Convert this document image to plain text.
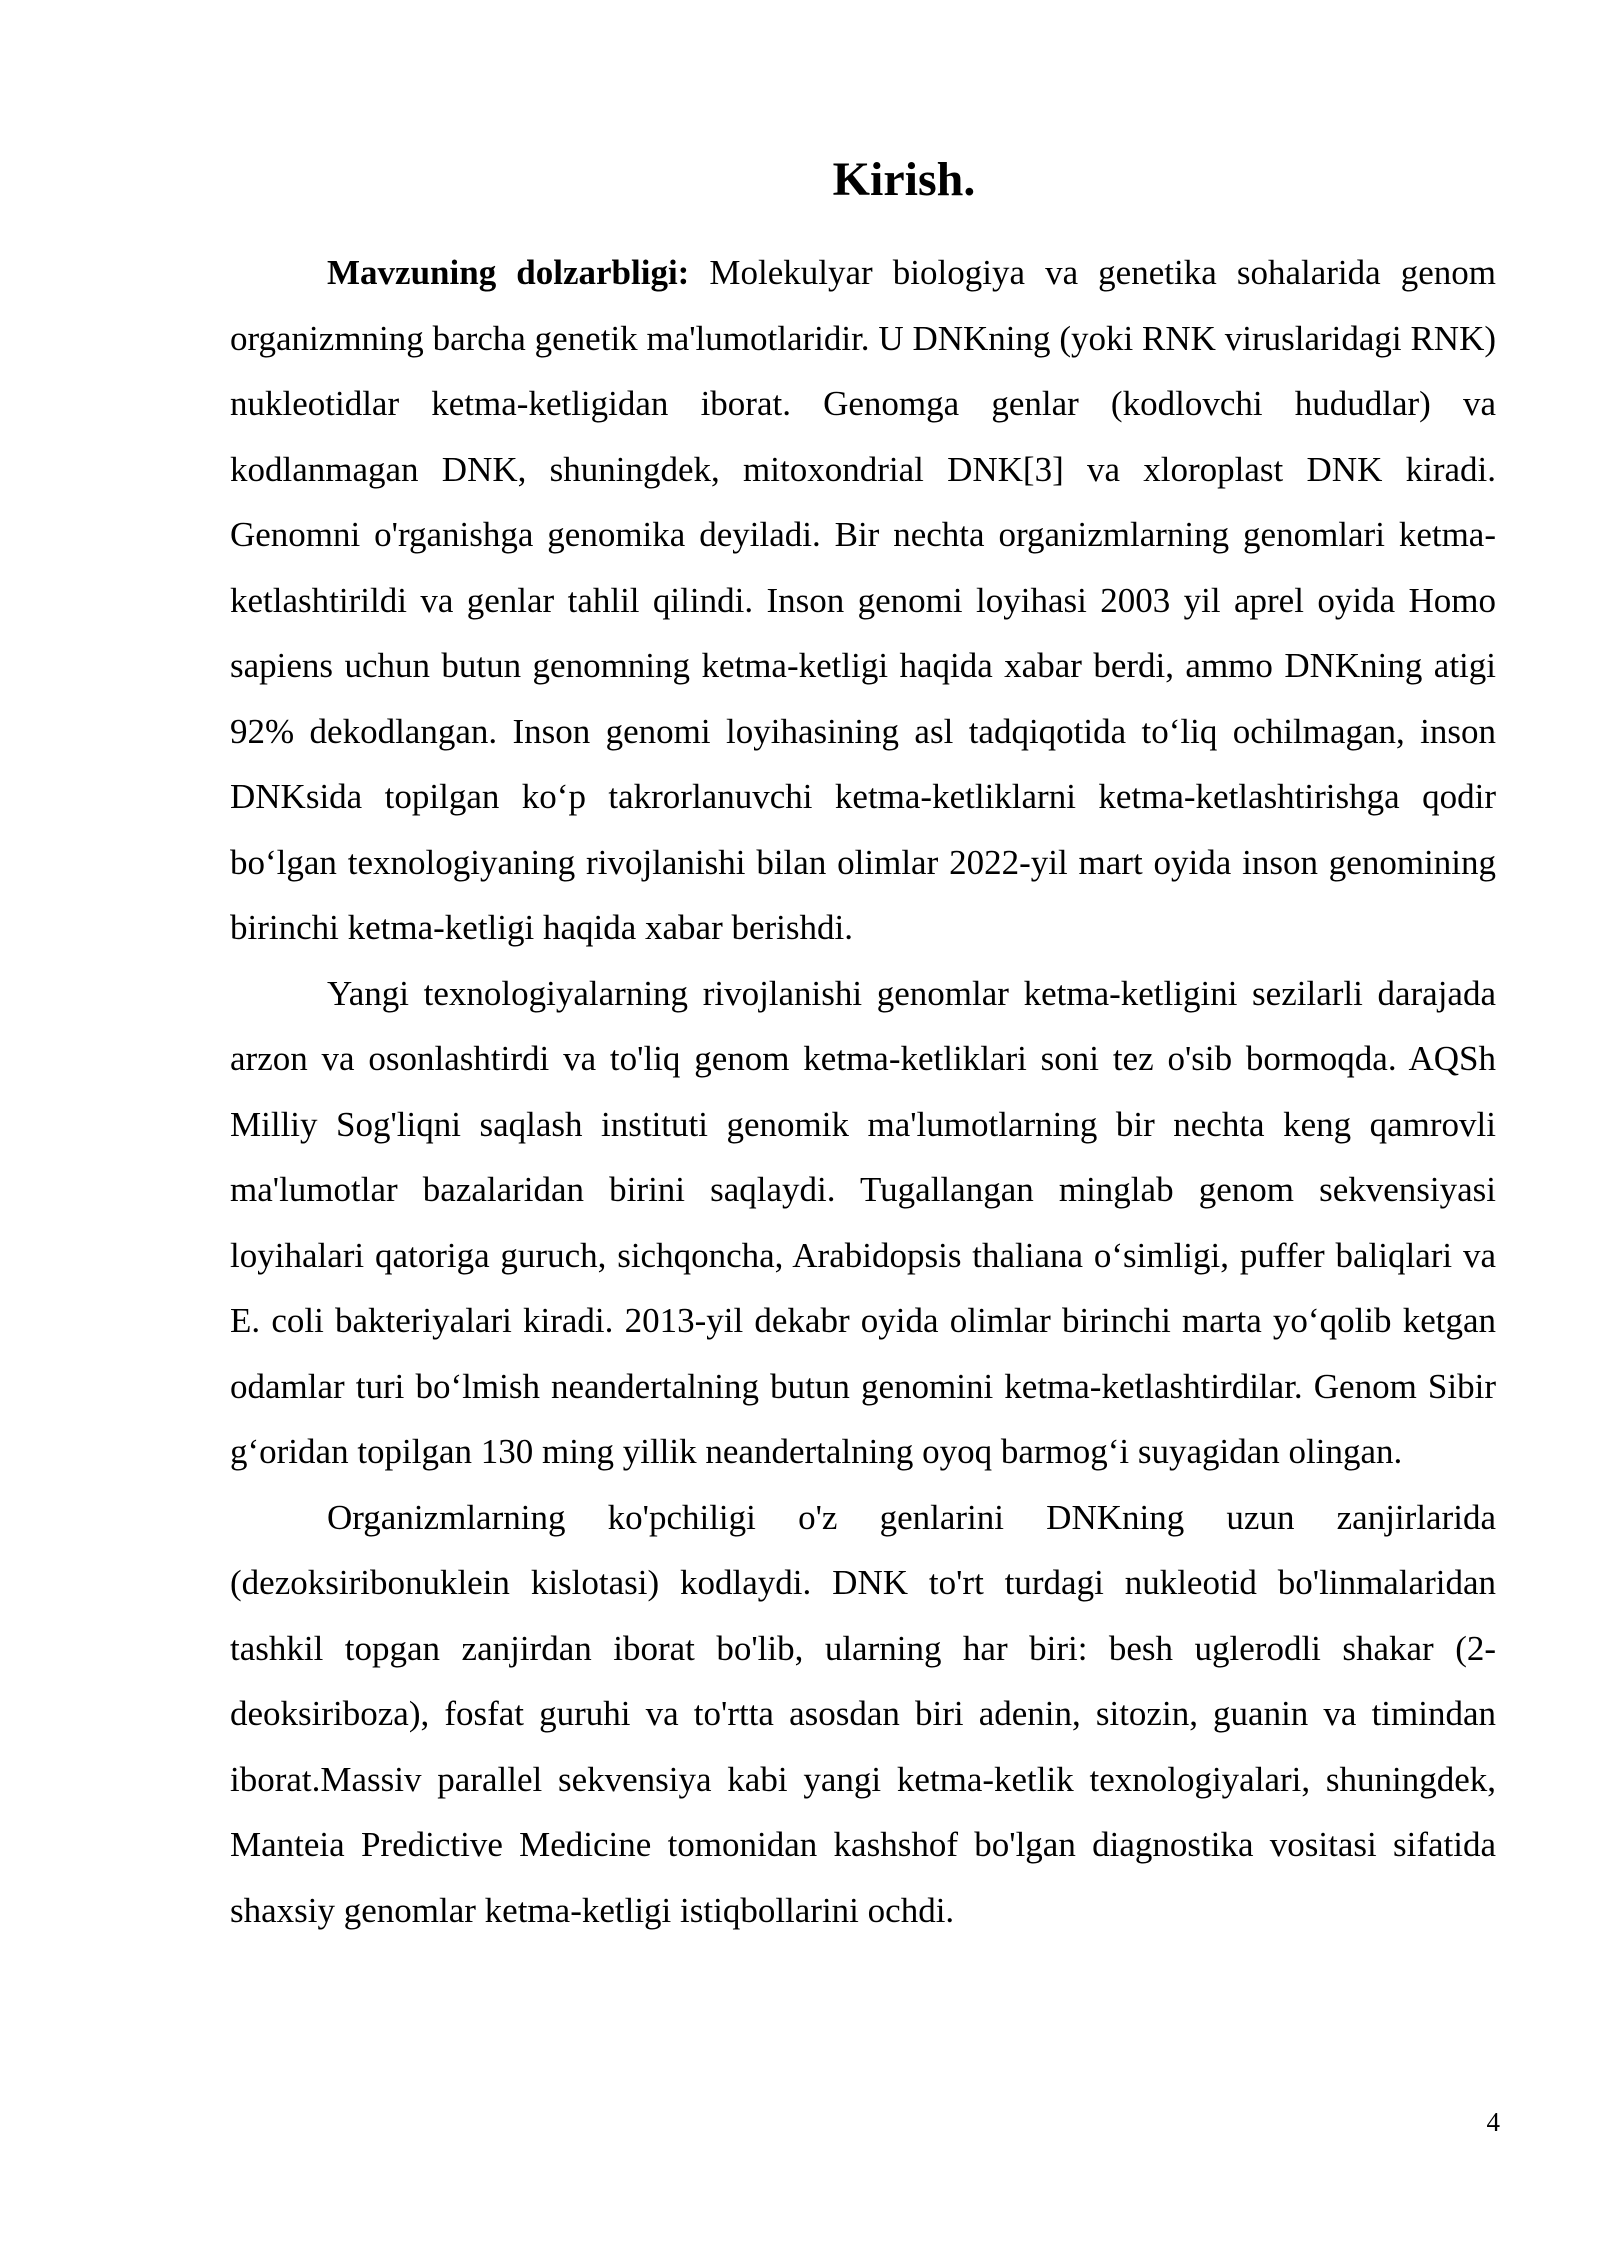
Kirish.

Mavzuning dolzarbligi: Molekulyar biologiya va genetika sohalarida genom organizmning barcha genetik ma'lumotlaridir. U DNKning (yoki RNK viruslaridagi RNK) nukleotidlar ketma-ketligidan iborat. Genomga genlar (kodlovchi hududlar) va kodlanmagan DNK, shuningdek, mitoxondrial DNK[3] va xloroplast DNK kiradi. Genomni o'rganishga genomika deyiladi. Bir nechta organizmlarning genomlari ketma-ketlashtirildi va genlar tahlil qilindi. Inson genomi loyihasi 2003 yil aprel oyida Homo sapiens uchun butun genomning ketma-ketligi haqida xabar berdi, ammo DNKning atigi 92% dekodlangan. Inson genomi loyihasining asl tadqiqotida to‘liq ochilmagan, inson DNKsida topilgan ko‘p takrorlanuvchi ketma-ketliklarni ketma-ketlashtirishga qodir bo‘lgan texnologiyaning rivojlanishi bilan olimlar 2022-yil mart oyida inson genomining birinchi ketma-ketligi haqida xabar berishdi.

Yangi texnologiyalarning rivojlanishi genomlar ketma-ketligini sezilarli darajada arzon va osonlashtirdi va to'liq genom ketma-ketliklari soni tez o'sib bormoqda. AQSh Milliy Sog'liqni saqlash instituti genomik ma'lumotlarning bir nechta keng qamrovli ma'lumotlar bazalaridan birini saqlaydi. Tugallangan minglab genom sekvensiyasi loyihalari qatoriga guruch, sichqoncha, Arabidopsis thaliana o‘simligi, puffer baliqlari va E. coli bakteriyalari kiradi. 2013-yil dekabr oyida olimlar birinchi marta yo‘qolib ketgan odamlar turi bo‘lmish neandertalning butun genomini ketma-ketlashtirdilar. Genom Sibir g‘oridan topilgan 130 ming yillik neandertalning oyoq barmog‘i suyagidan olingan.

Organizmlarning ko'pchiligi o'z genlarini DNKning uzun zanjirlarida (dezoksiribonuklein kislotasi) kodlaydi. DNK to'rt turdagi nukleotid bo'linmalaridan tashkil topgan zanjirdan iborat bo'lib, ularning har biri: besh uglerodli shakar (2-deoksiriboza), fosfat guruhi va to'rtta asosdan biri adenin, sitozin, guanin va timindan iborat.Massiv parallel sekvensiya kabi yangi ketma-ketlik texnologiyalari, shuningdek, Manteia Predictive Medicine tomonidan kashshof bo'lgan diagnostika vositasi sifatida shaxsiy genomlar ketma-ketligi istiqbollarini ochdi.

4
